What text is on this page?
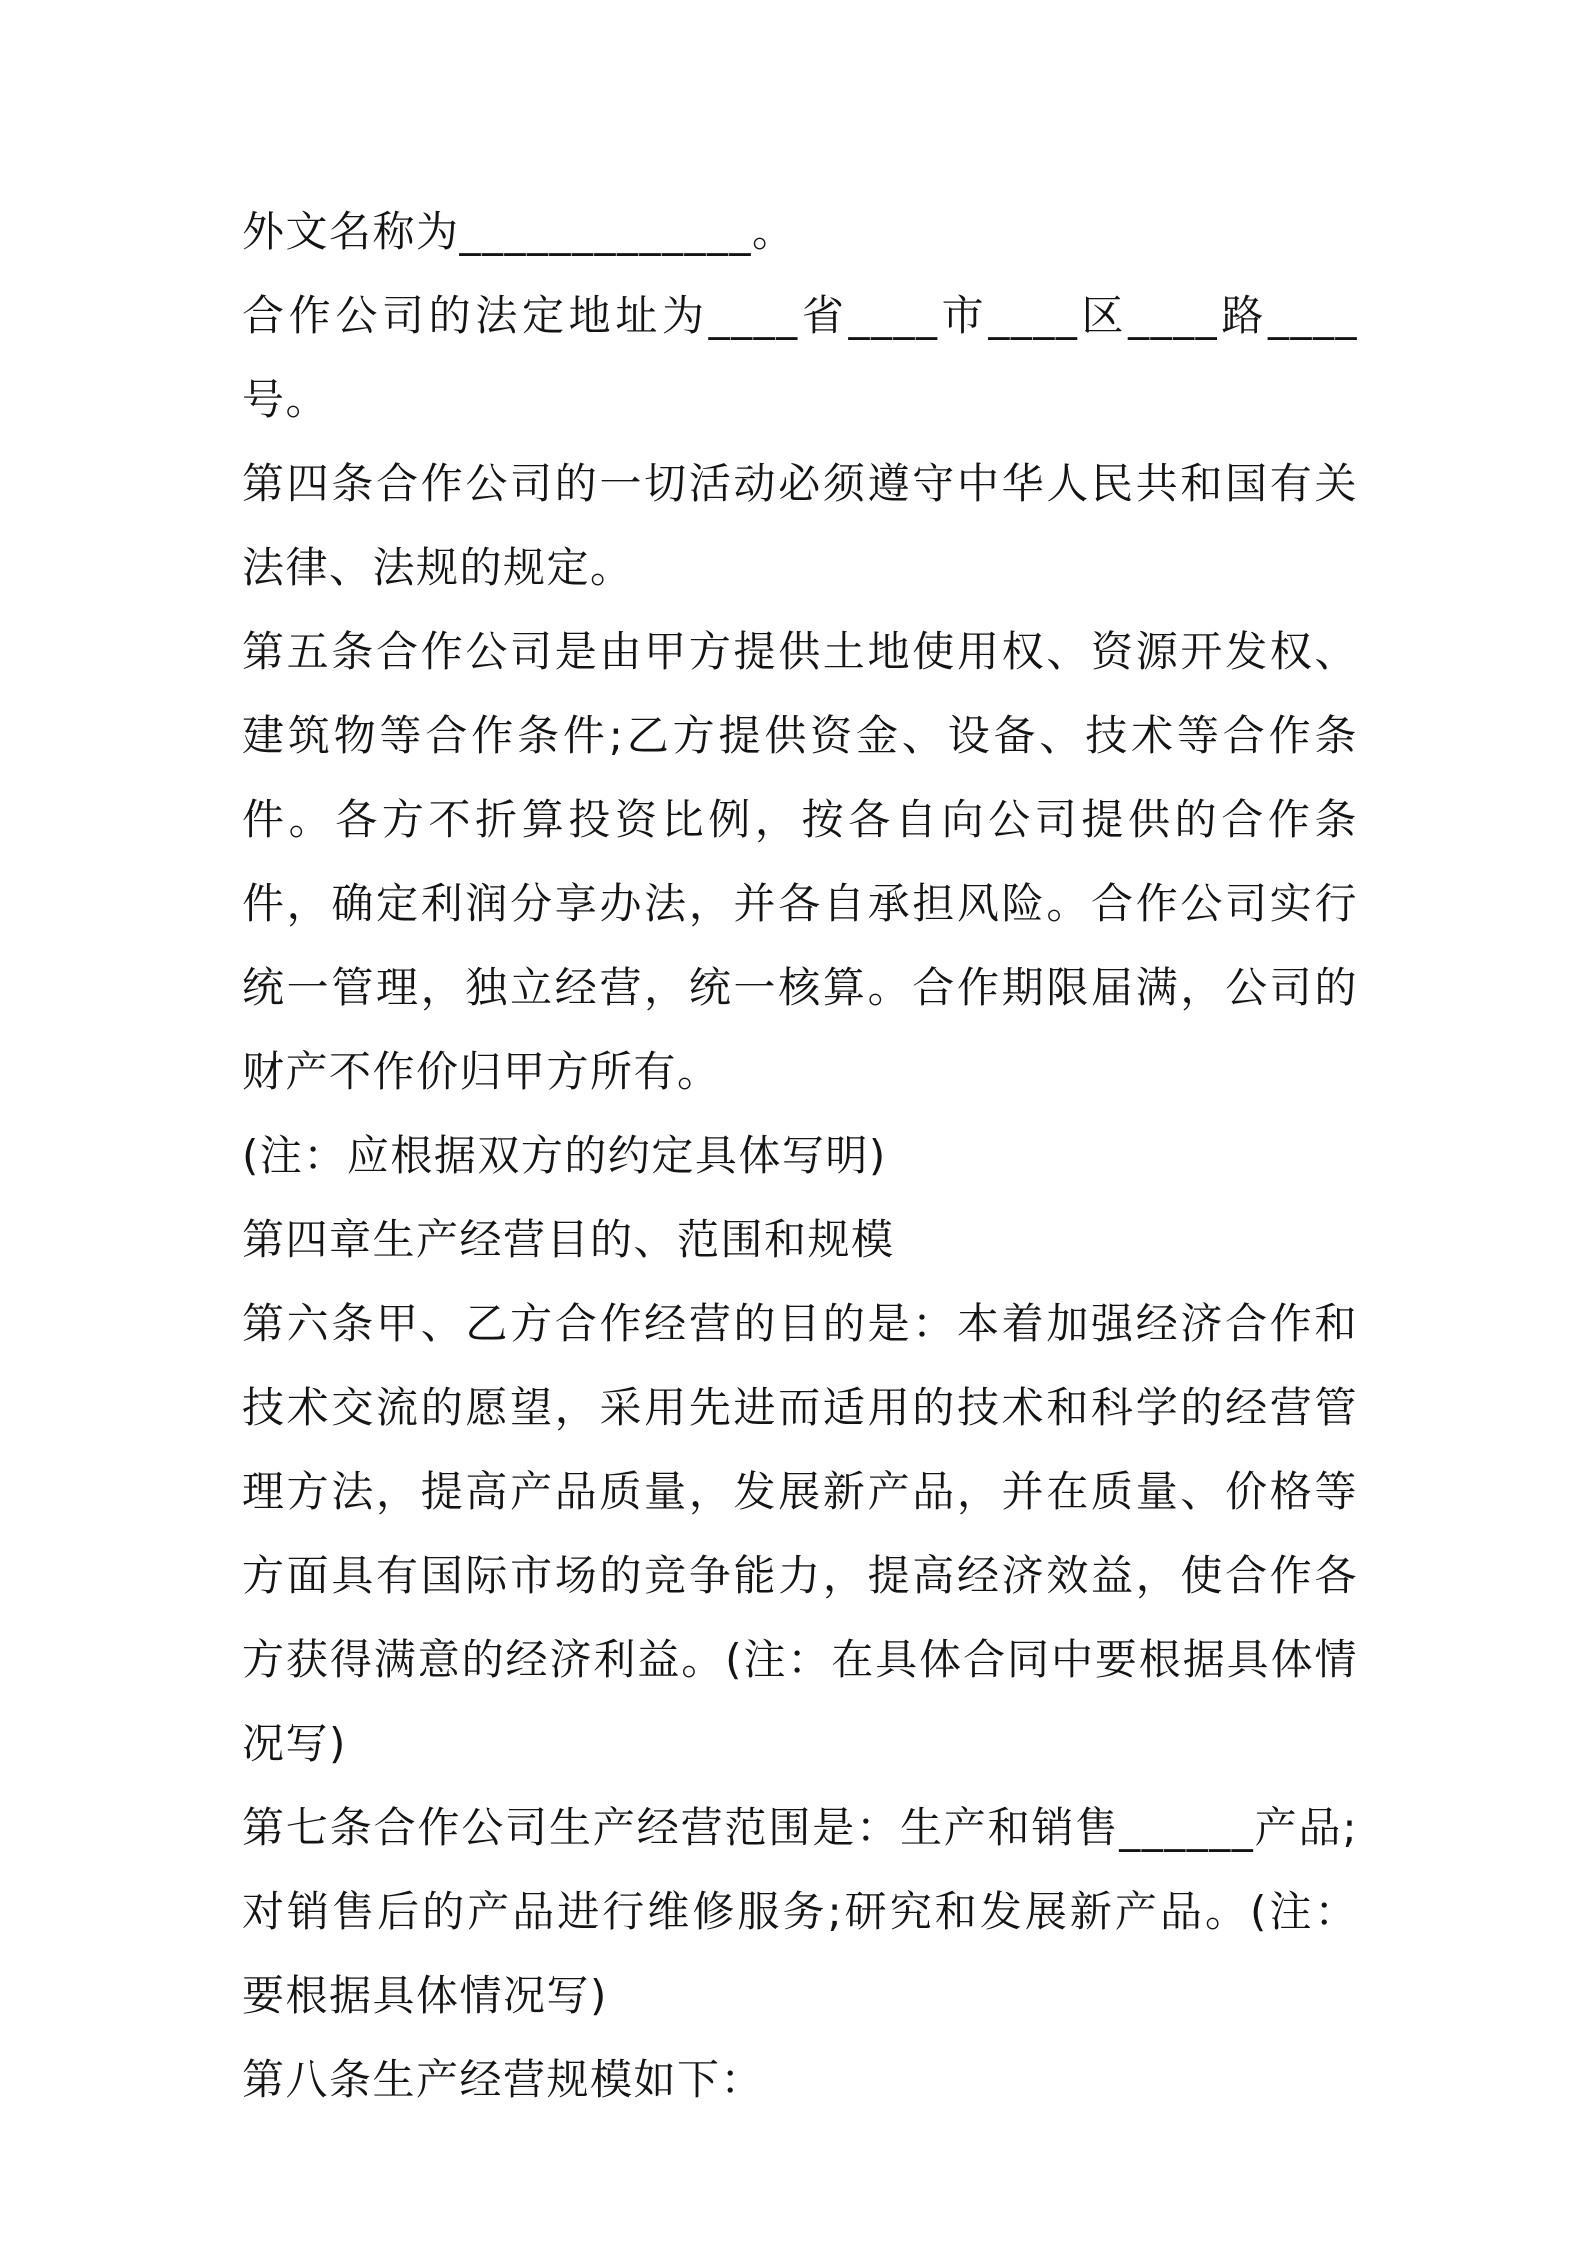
外文名称为_____________。

合作公司的法定地址为____省____市____区____路____号。

第四条合作公司的一切活动必须遵守中华人民共和国有关法律、法规的规定。

第五条合作公司是由甲方提供土地使用权、资源开发权、建筑物等合作条件;乙方提供资金、设备、技术等合作条件。各方不折算投资比例，按各自向公司提供的合作条件，确定利润分享办法，并各自承担风险。合作公司实行统一管理，独立经营，统一核算。合作期限届满，公司的财产不作价归甲方所有。

(注：应根据双方的约定具体写明)

第四章生产经营目的、范围和规模

第六条甲、乙方合作经营的目的是：本着加强经济合作和技术交流的愿望，采用先进而适用的技术和科学的经营管理方法，提高产品质量，发展新产品，并在质量、价格等方面具有国际市场的竞争能力，提高经济效益，使合作各方获得满意的经济利益。(注：在具体合同中要根据具体情况写)

第七条合作公司生产经营范围是：生产和销售______产品;对销售后的产品进行维修服务;研究和发展新产品。(注：要根据具体情况写)

第八条生产经营规模如下：
